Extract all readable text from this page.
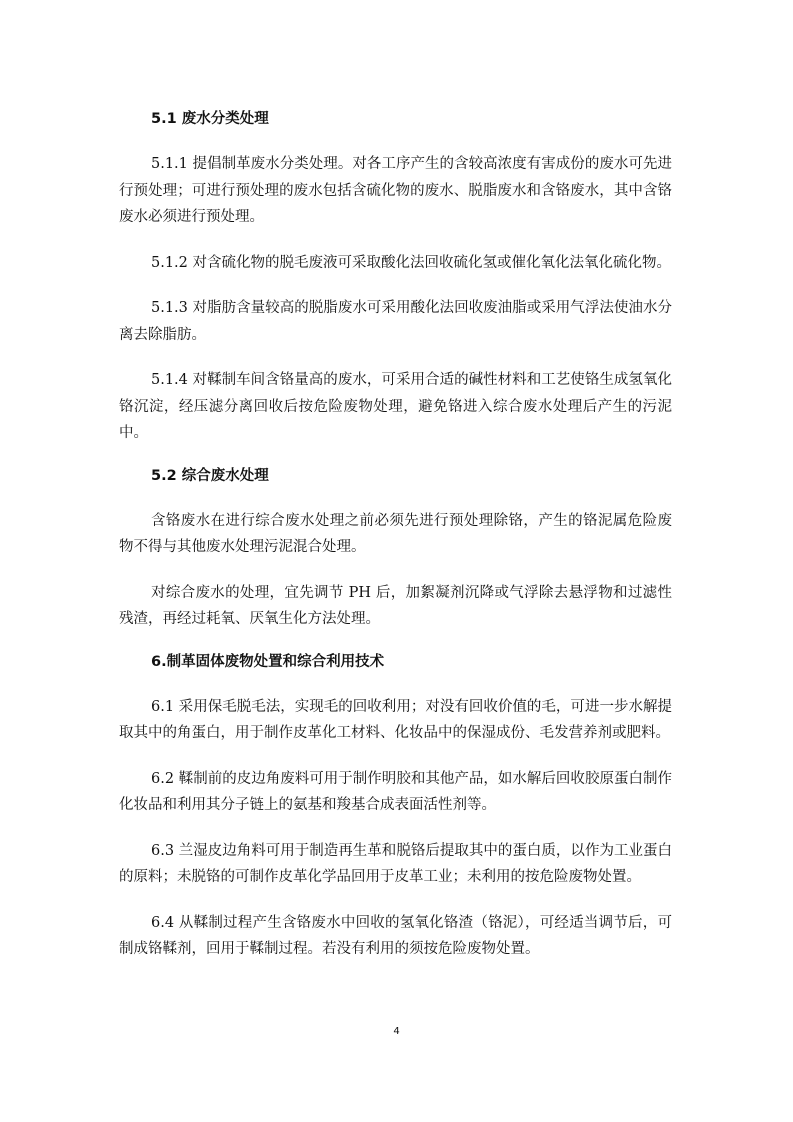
5.1 废水分类处理

5.1.1 提倡制革废水分类处理。对各工序产生的含较高浓度有害成份的废水可先进行预处理；可进行预处理的废水包括含硫化物的废水、脱脂废水和含铬废水，其中含铬废水必须进行预处理。

5.1.2 对含硫化物的脱毛废液可采取酸化法回收硫化氢或催化氧化法氧化硫化物。

5.1.3 对脂肪含量较高的脱脂废水可采用酸化法回收废油脂或采用气浮法使油水分离去除脂肪。

5.1.4 对鞣制车间含铬量高的废水，可采用合适的碱性材料和工艺使铬生成氢氧化铬沉淀，经压滤分离回收后按危险废物处理，避免铬进入综合废水处理后产生的污泥中。

5.2 综合废水处理

含铬废水在进行综合废水处理之前必须先进行预处理除铬，产生的铬泥属危险废物不得与其他废水处理污泥混合处理。

对综合废水的处理，宜先调节 PH 后，加絮凝剂沉降或气浮除去悬浮物和过滤性残渣，再经过耗氧、厌氧生化方法处理。

6.制革固体废物处置和综合利用技术

6.1 采用保毛脱毛法，实现毛的回收利用；对没有回收价值的毛，可进一步水解提取其中的角蛋白，用于制作皮革化工材料、化妆品中的保湿成份、毛发营养剂或肥料。

6.2 鞣制前的皮边角废料可用于制作明胶和其他产品，如水解后回收胶原蛋白制作化妆品和利用其分子链上的氨基和羧基合成表面活性剂等。

6.3 兰湿皮边角料可用于制造再生革和脱铬后提取其中的蛋白质，以作为工业蛋白的原料；未脱铬的可制作皮革化学品回用于皮革工业；未利用的按危险废物处置。

6.4 从鞣制过程产生含铬废水中回收的氢氧化铬渣（铬泥），可经适当调节后，可制成铬鞣剂，回用于鞣制过程。若没有利用的须按危险废物处置。

4
